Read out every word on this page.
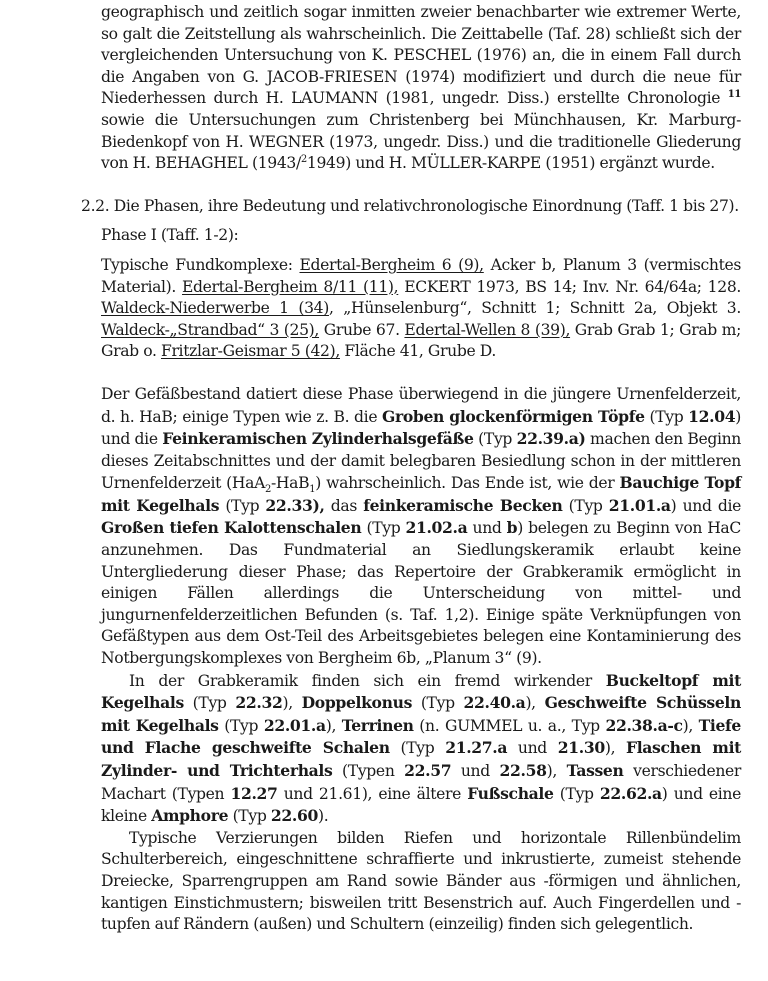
geographisch und zeitlich sogar inmitten zweier benachbarter wie extremer Werte, so galt die Zeitstellung als wahrscheinlich. Die Zeittabelle (Taf. 28) schließt sich der vergleichenden Untersuchung von K. PESCHEL (1976) an, die in einem Fall durch die Angaben von G. JACOB-FRIESEN (1974) modifiziert und durch die neue für Niederhessen durch H. LAUMANN (1981, ungedr. Diss.) erstellte Chronologie $^{11}$ sowie die Untersuchungen zum Christenberg bei Münchhausen, Kr. Marburg-Biedenkopf von H. WEGNER (1973, ungedr. Diss.) und die traditionelle Gliederung von H. BEHAGHEL (1943/$^2$1949) und H. MÜLLER-KARPE (1951) ergänzt wurde.

2.2. Die Phasen, ihre Bedeutung und relativchronologische Einordnung (Taff. 1 bis 27).

Phase I (Taff. 1-2):

Typische Fundkomplexe: Edertal-Bergheim 6 (9), Acker b, Planum 3 (vermischtes Material). Edertal-Bergheim 8/11 (11), ECKERT 1973, BS 14; Inv. Nr. 64/64a; 128. Waldeck-Niederwerbe 1 (34), „Hünselenburg“, Schnitt 1; Schnitt 2a, Objekt 3. Waldeck-„Strandbad“ 3 (25), Grube 67. Edertal-Wellen 8 (39), Grab Grab 1; Grab m; Grab o. Fritzlar-Geismar 5 (42), Fläche 41, Grube D.

Der Gefäßbestand datiert diese Phase überwiegend in die jüngere Urnenfelderzeit, d. h. HaB; einige Typen wie z. B. die Groben glockenförmigen Töpfe (Typ 12.04) und die Feinkeramischen Zylinderhalsgefäße (Typ 22.39.a) machen den Beginn dieses Zeitabschnittes und der damit belegbaren Besiedlung schon in der mittleren Urnenfelderzeit (HaA$_2$-HaB$_1$) wahrscheinlich. Das Ende ist, wie der Bauchige Topf mit Kegelhals (Typ 22.33), das feinkeramische Becken (Typ 21.01.a) und die Großen tiefen Kalottenschalen (Typ 21.02.a und b) belegen zu Beginn von HaC anzunehmen. Das Fundmaterial an Siedlungskeramik erlaubt keine Untergliederung dieser Phase; das Repertoire der Grabkeramik ermöglicht in einigen Fällen allerdings die Unterscheidung von mittel- und jungurnenfelderzeitlichen Befunden (s. Taf. 1,2). Einige späte Verknüpfungen von Gefäßtypen aus dem Ost-Teil des Arbeitsgebietes belegen eine Kontaminierung des Notbergungskomplexes von Bergheim 6b, „Planum 3“ (9).

In der Grabkeramik finden sich ein fremd wirkender Buckeltopf mit Kegelhals (Typ 22.32), Doppelkonus (Typ 22.40.a), Geschweifte Schüsseln mit Kegelhals (Typ 22.01.a), Terrinen (n. GUMMEL u. a., Typ 22.38.a-c), Tiefe und Flache geschweifte Schalen (Typ 21.27.a und 21.30), Flaschen mit Zylinder- und Trichterhals (Typen 22.57 und 22.58), Tassen verschiedener Machart (Typen 12.27 und 21.61), eine ältere Fußschale (Typ 22.62.a) und eine kleine Amphore (Typ 22.60).

Typische Verzierungen bilden Riefen und horizontale Rillenbündelim Schulterbereich, eingeschnittene schraffierte und inkrustierte, zumeist stehende Dreiecke, Sparrengruppen am Rand sowie Bänder aus -förmigen und ähnlichen, kantigen Einstichmustern; bisweilen tritt Besenstrich auf. Auch Fingerdellen und -tupfen auf Rändern (außen) und Schultern (einzeilig) finden sich gelegentlich.
